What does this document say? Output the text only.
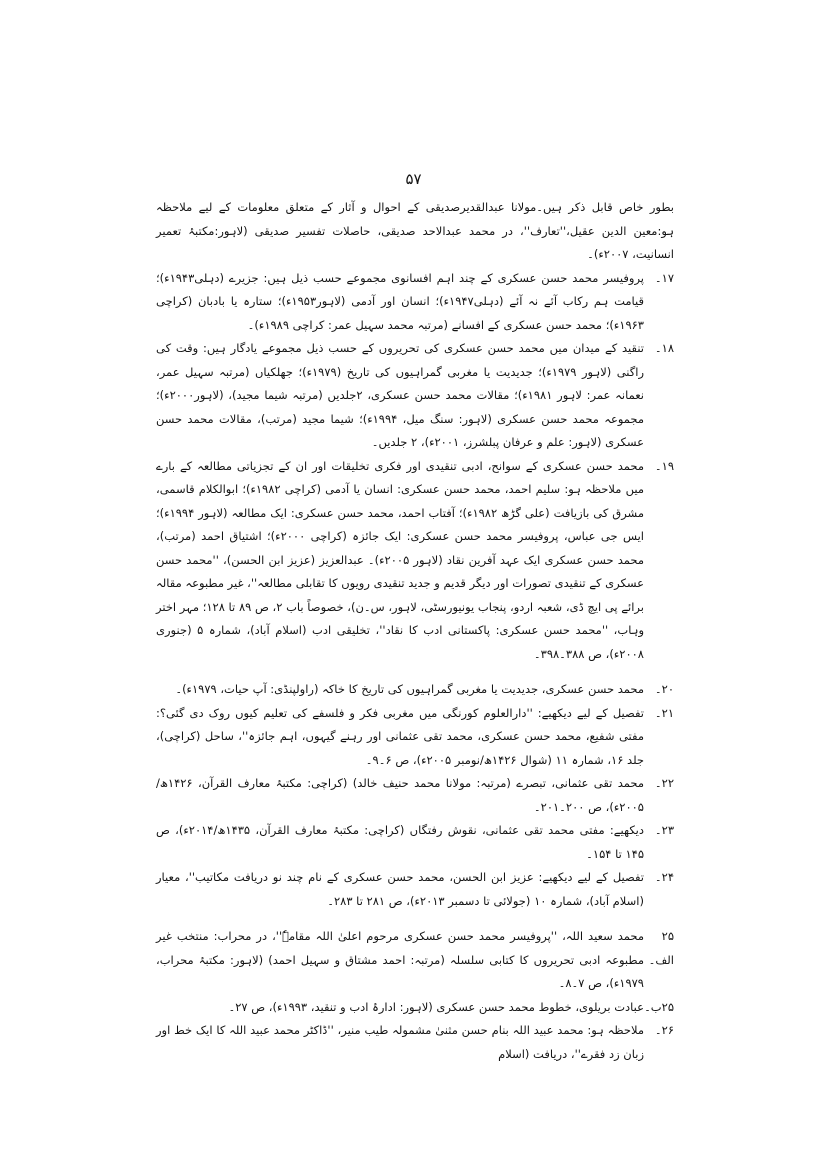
۵۷

بطور خاص قابل ذکر ہیں۔مولانا عبدالقدیرصدیقی کے احوال و آثار کے متعلق معلومات کے لیے ملاحظہ ہو:معین الدین عقیل،''تعارف''، در محمد عبدالاحد صدیقی، حاصلات تفسیر صدیقی (لاہور:مکتبۂ تعمیر انسانیت، ۲۰۰۷ء)۔

۱۷۔
پروفیسر محمد حسن عسکری کے چند اہم افسانوی مجموعے حسب ذیل ہیں: جزیرے (دہلی۱۹۴۳ء)؛ قیامت ہم رکاب آئے نہ آئے (دہلی۱۹۴۷ء)؛ انسان اور آدمی (لاہور۱۹۵۳ء)؛ ستارہ یا بادبان (کراچی ۱۹۶۳ء)؛ محمد حسن عسکری کے افسانے (مرتبہ محمد سہیل عمر: کراچی ۱۹۸۹ء)۔

۱۸۔
تنقید کے میدان میں محمد حسن عسکری کی تحریروں کے حسب ذیل مجموعے یادگار ہیں: وقت کی راگنی (لاہور ۱۹۷۹ء)؛ جدیدیت یا مغربی گمراہیوں کی تاریخ (۱۹۷۹ء)؛ جھلکیاں (مرتبہ سہیل عمر، نعمانہ عمر: لاہور ۱۹۸۱ء)؛ مقالات محمد حسن عسکری، ۲جلدیں (مرتبہ شیما مجید)، (لاہور۲۰۰۰ء)؛ مجموعہ محمد حسن عسکری (لاہور: سنگ میل، ۱۹۹۴ء)؛ شیما مجید (مرتب)، مقالات محمد حسن عسکری (لاہور: علم و عرفان پبلشرز، ۲۰۰۱ء)، ۲ جلدیں۔

۱۹۔
محمد حسن عسکری کے سوانح، ادبی تنقیدی اور فکری تخلیقات اور ان کے تجزیاتی مطالعہ کے بارے میں ملاحظہ ہو: سلیم احمد، محمد حسن عسکری: انسان یا آدمی (کراچی ۱۹۸۲ء)؛ ابوالکلام قاسمی، مشرق کی بازیافت (علی گڑھ ۱۹۸۲ء)؛ آفتاب احمد، محمد حسن عسکری: ایک مطالعہ (لاہور ۱۹۹۴ء)؛ ایس جی عباس، پروفیسر محمد حسن عسکری: ایک جائزہ (کراچی ۲۰۰۰ء)؛ اشتیاق احمد (مرتب)، محمد حسن عسکری ایک عہد آفرین نقاد (لاہور ۲۰۰۵ء)۔ عبدالعزیز (عزیز ابن الحسن)، ''محمد حسن عسکری کے تنقیدی تصورات اور دیگر قدیم و جدید تنقیدی رویوں کا تقابلی مطالعہ''، غیر مطبوعہ مقالہ برائے پی ایچ ڈی، شعبہ اردو، پنجاب یونیورسٹی، لاہور، س۔ن)، خصوصاً باب ۲، ص ۸۹ تا ۱۲۸؛ مہر اختر وہاب، ''محمد حسن عسکری: پاکستانی ادب کا نقاد''، تخلیقی ادب (اسلام آباد)، شمارہ ۵ (جنوری ۲۰۰۸ء)، ص ۳۸۸۔۳۹۸۔

۲۰۔
محمد حسن عسکری، جدیدیت یا مغربی گمراہیوں کی تاریخ کا خاکہ (راولپنڈی: آپ حیات، ۱۹۷۹ء)۔

۲۱۔
تفصیل کے لیے دیکھیے: ''دارالعلوم کورنگی میں مغربی فکر و فلسفے کی تعلیم کیوں روک دی گئی؟: مفتی شفیع، محمد حسن عسکری، محمد تقی عثمانی اور رہنے گیہوں، اہم جائزہ''، ساحل (کراچی)، جلد ۱۶، شمارہ ۱۱ (شوال ۱۴۲۶ھ/نومبر ۲۰۰۵ء)، ص ۶۔۹۔

۲۲۔
محمد تقی عثمانی، تبصرے (مرتبہ: مولانا محمد حنیف خالد) (کراچی: مکتبۂ معارف القرآن، ۱۴۲۶ھ/۲۰۰۵ء)، ص ۲۰۰۔۲۰۱۔

۲۳۔
دیکھیے: مفتی محمد تقی عثمانی، نقوش رفتگاں (کراچی: مکتبۂ معارف القرآن، ۱۴۳۵ھ/۲۰۱۴ء)، ص ۱۴۵ تا ۱۵۴۔

۲۴۔
تفصیل کے لیے دیکھیے: عزیز ابن الحسن، محمد حسن عسکری کے نام چند نو دریافت مکاتیب''، معیار (اسلام آباد)، شمارہ ۱۰ (جولائی تا دسمبر ۲۰۱۳ء)، ص ۲۸۱ تا ۲۸۳۔

۲۵ الف۔
محمد سعید اللہ، ''پروفیسر محمد حسن عسکری مرحوم اعلیٰ اللہ مقامہٗ''، در محراب: منتخب غیر مطبوعہ ادبی تحریروں کا کتابی سلسلہ (مرتبہ: احمد مشتاق و سہیل احمد) (لاہور: مکتبۂ محراب، ۱۹۷۹ء)، ص ۷۔۸۔

۲۵ب۔
عبادت بریلوی، خطوط محمد حسن عسکری (لاہور: ادارۂ ادب و تنقید، ۱۹۹۳ء)، ص ۲۷۔

۲۶۔
ملاحظہ ہو: محمد عبید اللہ بنام حسن مثنیٰ مشمولہ طیب منیر، ''ڈاکٹر محمد عبید اللہ کا ایک خط اور زبان زد فقرے''، دریافت (اسلام
